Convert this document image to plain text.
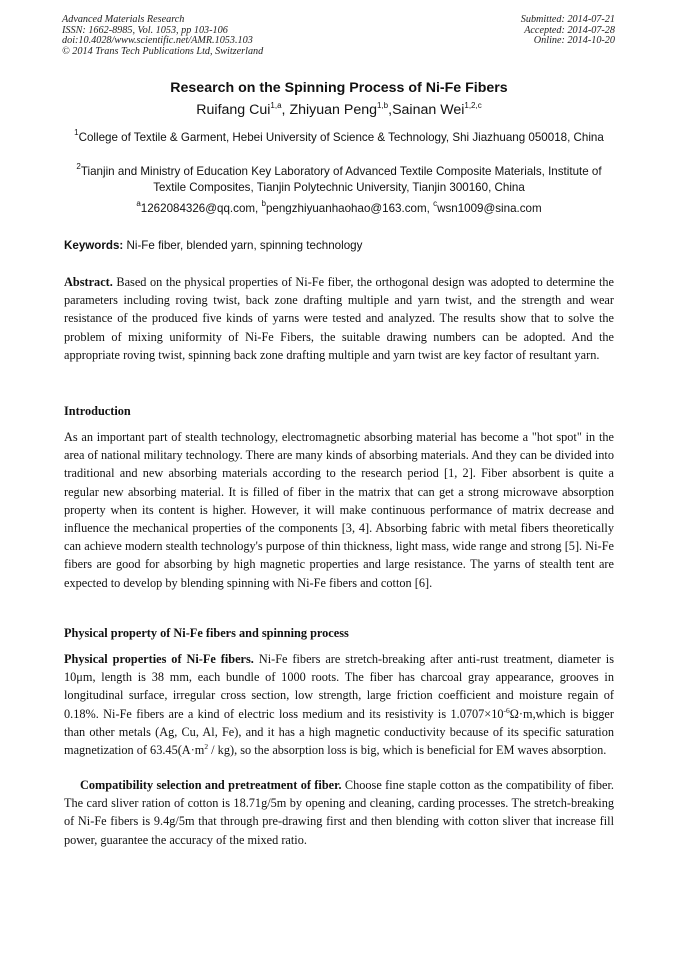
Advanced Materials Research
ISSN: 1662-8985, Vol. 1053, pp 103-106
doi:10.4028/www.scientific.net/AMR.1053.103
© 2014 Trans Tech Publications Ltd, Switzerland
Submitted: 2014-07-21
Accepted: 2014-07-28
Online: 2014-10-20
Research on the Spinning Process of Ni-Fe Fibers
Ruifang Cui$^{1,a}$, Zhiyuan Peng$^{1,b}$,Sainan Wei$^{1,2,c}$
$^1$College of Textile & Garment, Hebei University of Science & Technology, Shi Jiazhuang 050018, China
$^2$Tianjin and Ministry of Education Key Laboratory of Advanced Textile Composite Materials, Institute of Textile Composites, Tianjin Polytechnic University, Tianjin 300160, China
$^a$1262084326@qq.com, $^b$pengzhiyuanhaohao@163.com, $^c$wsn1009@sina.com
Keywords: Ni-Fe fiber, blended yarn, spinning technology
Abstract. Based on the physical properties of Ni-Fe fiber, the orthogonal design was adopted to determine the parameters including roving twist, back zone drafting multiple and yarn twist, and the strength and wear resistance of the produced five kinds of yarns were tested and analyzed. The results show that to solve the problem of mixing uniformity of Ni-Fe Fibers, the suitable drawing numbers can be adopted. And the appropriate roving twist, spinning back zone drafting multiple and yarn twist are key factor of resultant yarn.
Introduction
As an important part of stealth technology, electromagnetic absorbing material has become a "hot spot" in the area of national military technology. There are many kinds of absorbing materials. And they can be divided into traditional and new absorbing materials according to the research period [1, 2]. Fiber absorbent is quite a regular new absorbing material. It is filled of fiber in the matrix that can get a strong microwave absorption property when its content is higher. However, it will make continuous performance of matrix decrease and influence the mechanical properties of the components [3, 4]. Absorbing fabric with metal fibers theoretically can achieve modern stealth technology's purpose of thin thickness, light mass, wide range and strong [5]. Ni-Fe fibers are good for absorbing by high magnetic properties and large resistance. The yarns of stealth tent are expected to develop by blending spinning with Ni-Fe fibers and cotton [6].
Physical property of Ni-Fe fibers and spinning process
Physical properties of Ni-Fe fibers. Ni-Fe fibers are stretch-breaking after anti-rust treatment, diameter is 10μm, length is 38 mm, each bundle of 1000 roots. The fiber has charcoal gray appearance, grooves in longitudinal surface, irregular cross section, low strength, large friction coefficient and moisture regain of 0.18%. Ni-Fe fibers are a kind of electric loss medium and its resistivity is $1.0707\times 10^{-6}\Omega\cdot m,which$ is bigger than other metals (Ag, Cu, Al, Fe), and it has a high magnetic conductivity because of its specific saturation magnetization of $63.45(A\cdot m^2 / kg)$, so the absorption loss is big, which is beneficial for EM waves absorption.
Compatibility selection and pretreatment of fiber. Choose fine staple cotton as the compatibility of fiber. The card sliver ration of cotton is 18.71g/5m by opening and cleaning, carding processes. The stretch-breaking of Ni-Fe fibers is 9.4g/5m that through pre-drawing first and then blending with cotton sliver that increase fill power, guarantee the accuracy of the mixed ratio.
